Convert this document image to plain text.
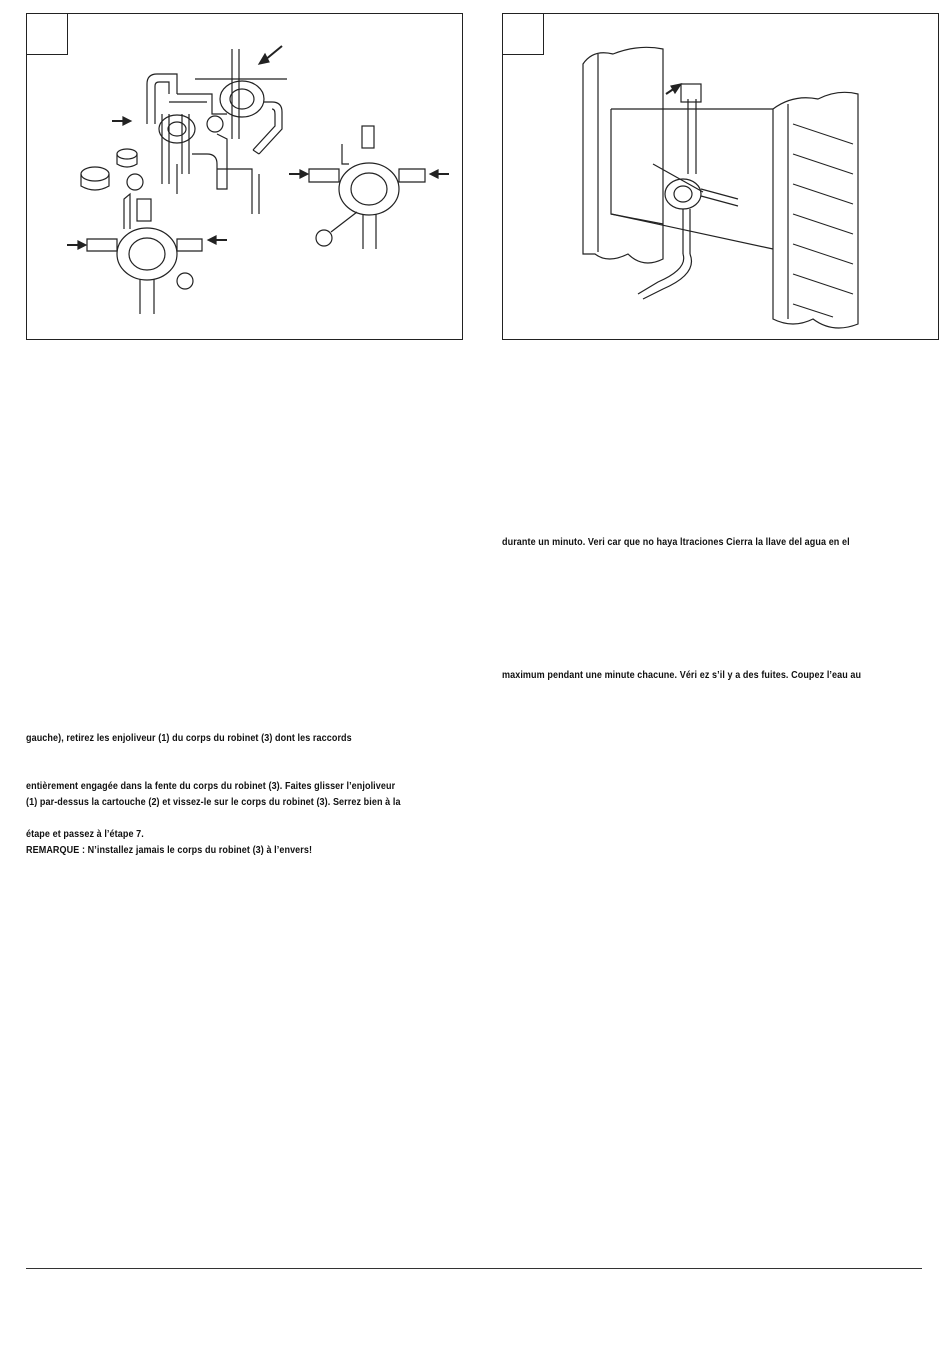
durante un minuto. Veri car que no haya ltraciones Cierra la llave del agua en el
maximum pendant une minute chacune. Véri ez s’il y a des fuites. Coupez l’eau au
gauche), retirez les enjoliveur (1) du corps du robinet (3) dont les raccords
entièrement engagée dans la fente du corps du robinet (3). Faites glisser l’enjoliveur
(1) par-dessus la cartouche (2) et vissez-le sur le corps du robinet (3). Serrez bien à la
étape et passez à l’étape 7.
REMARQUE : N’installez jamais le corps du robinet (3) à l’envers!
